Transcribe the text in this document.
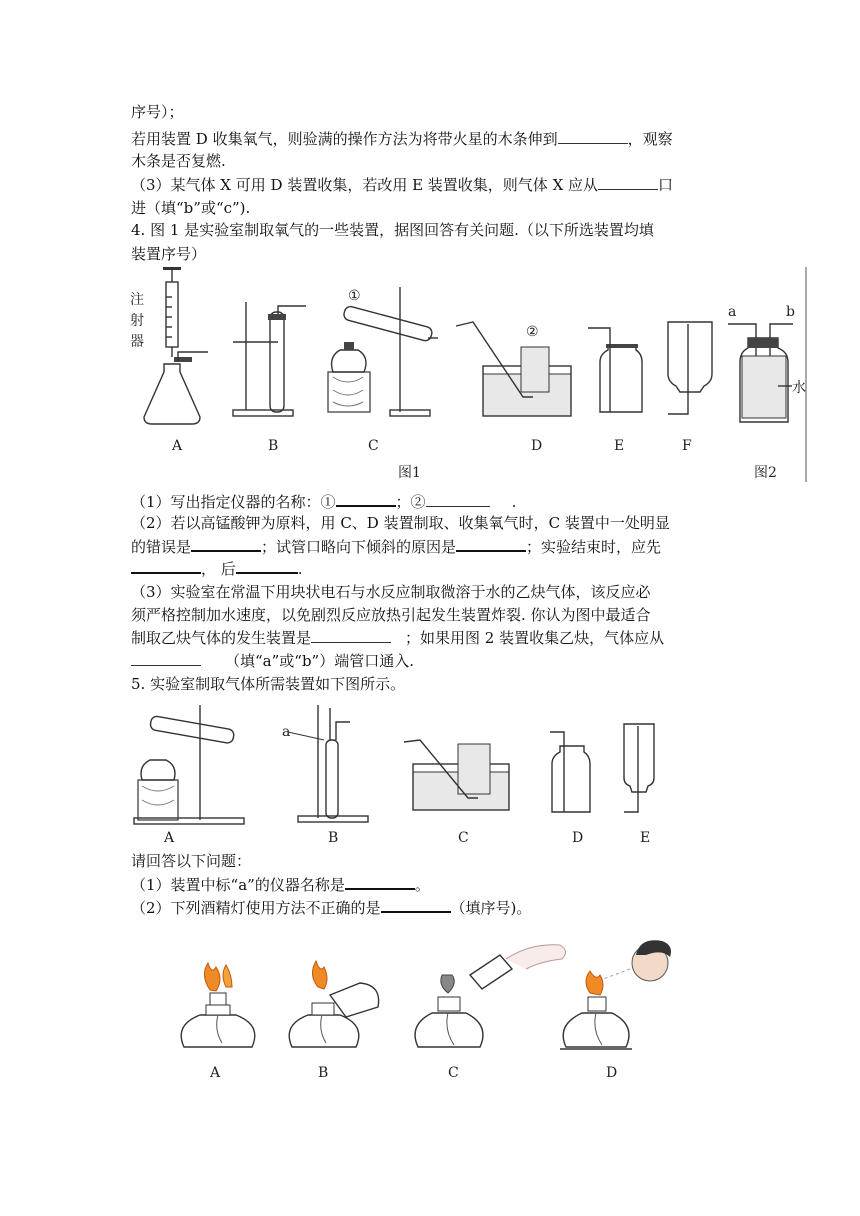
序号）；
若用装置 D 收集氧气，则验满的操作方法为将带火星的木条伸到	，观察
木条是否复燃.
（3）某气体 X 可用 D 装置收集，若改用 E 装置收集，则气体 X 应从	口
进（填“b”或“c”).
4. 图 1 是实验室制取氧气的一些装置，据图回答有关问题.（以下所选装置均填
装置序号）
注
射
器
A	B
①
C
②
D	E	F
图1
a	b
水
图2
（1）写出指定仪器的名称：①	；②	.
（2）若以高锰酸钾为原料，用 C、D 装置制取、收集氧气时，C 装置中一处明显
的错误是	；试管口略向下倾斜的原因是	；实验结束时，应先
， 后	.
（3）实验室在常温下用块状电石与水反应制取微溶于水的乙炔气体，该反应必
须严格控制加水速度，以免剧烈反应放热引起发生装置炸裂. 你认为图中最适合
制取乙炔气体的发生装置是	；如果用图 2 装置收集乙炔，气体应从
（填“a”或“b”）端管口通入.
5. 实验室制取气体所需装置如下图所示。
A
a
B	C	D	E
请回答以下问题：
（1）装置中标“a”的仪器名称是	。
（2）下列酒精灯使用方法不正确的是	（填序号)。
A	B	C	D
